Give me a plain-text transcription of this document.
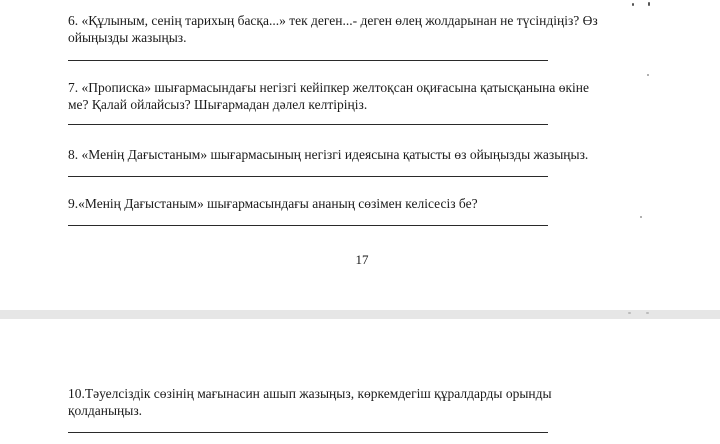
6. «Құлыным, сенің тарихың басқа...» тек деген...- деген өлең жолдарынан не түсіндіңіз? Өз
ойыңызды жазыңыз.

7. «Прописка» шығармасындағы негізгі кейіпкер желтоқсан оқиғасына қатысқанына өкіне
ме? Қалай ойлайсыз? Шығармадан дәлел келтіріңіз.

8. «Менің Дағыстаным» шығармасының негізгі идеясына қатысты өз ойыңызды жазыңыз.

9.«Менің Дағыстаным» шығармасындағы ананың сөзімен келісесіз бе?

17

10.Тәуелсіздік сөзінің мағынасин ашып жазыңыз, көркемдегіш құралдарды орынды
қолданыңыз.
